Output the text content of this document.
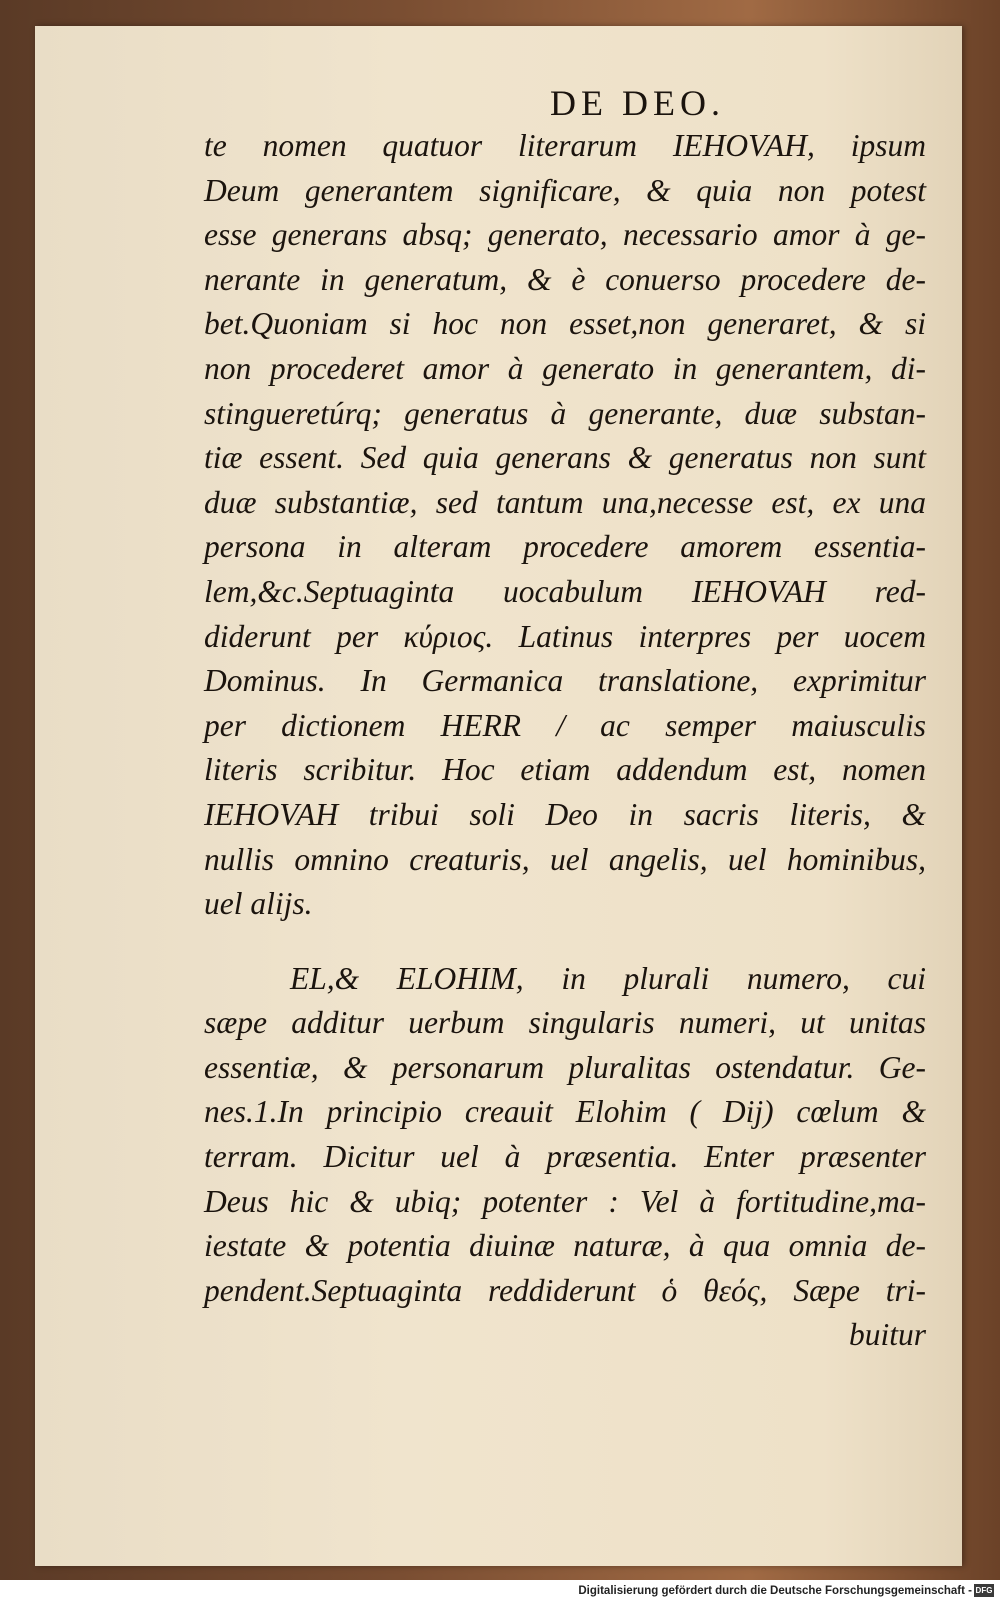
DE DEO.
te nomen quatuor literarum IEHOVAH, ipsum
Deum generantem significare, & quia non potest
esse generans absq; generato, necessario amor à ge-
nerante in generatum, & è conuerso procedere de-
bet.Quoniam si hoc non esset,non generaret, & si
non procederet amor à generato in generantem, di-
stingueretúrq; generatus à generante, duæ substan-
tiæ essent. Sed quia generans & generatus non sunt
duæ substantiæ, sed tantum una,necesse est, ex una
persona in alteram procedere amorem essentia-
lem,&c.Septuaginta uocabulum IEHOVAH red-
diderunt per κύριος. Latinus interpres per uocem
Dominus. In Germanica translatione, exprimitur
per dictionem HERR / ac semper maiusculis
literis scribitur. Hoc etiam addendum est, nomen
IEHOVAH tribui soli Deo in sacris literis, &
nullis omnino creaturis, uel angelis, uel hominibus,
uel alijs.
EL,& ELOHIM, in plurali numero, cui
sæpe additur uerbum singularis numeri, ut unitas
essentiæ, & personarum pluralitas ostendatur. Ge-
nes.1.In principio creauit Elohim ( Dij) cœlum &
terram. Dicitur uel à præsentia. Enter præsenter
Deus hic & ubiq; potenter : Vel à fortitudine,ma-
iestate & potentia diuinæ naturæ, à qua omnia de-
pendent.Septuaginta reddiderunt ὁ θεός, Sæpe tri-
buitur
Digitalisierung gefördert durch die Deutsche Forschungsgemeinschaft - DFG
